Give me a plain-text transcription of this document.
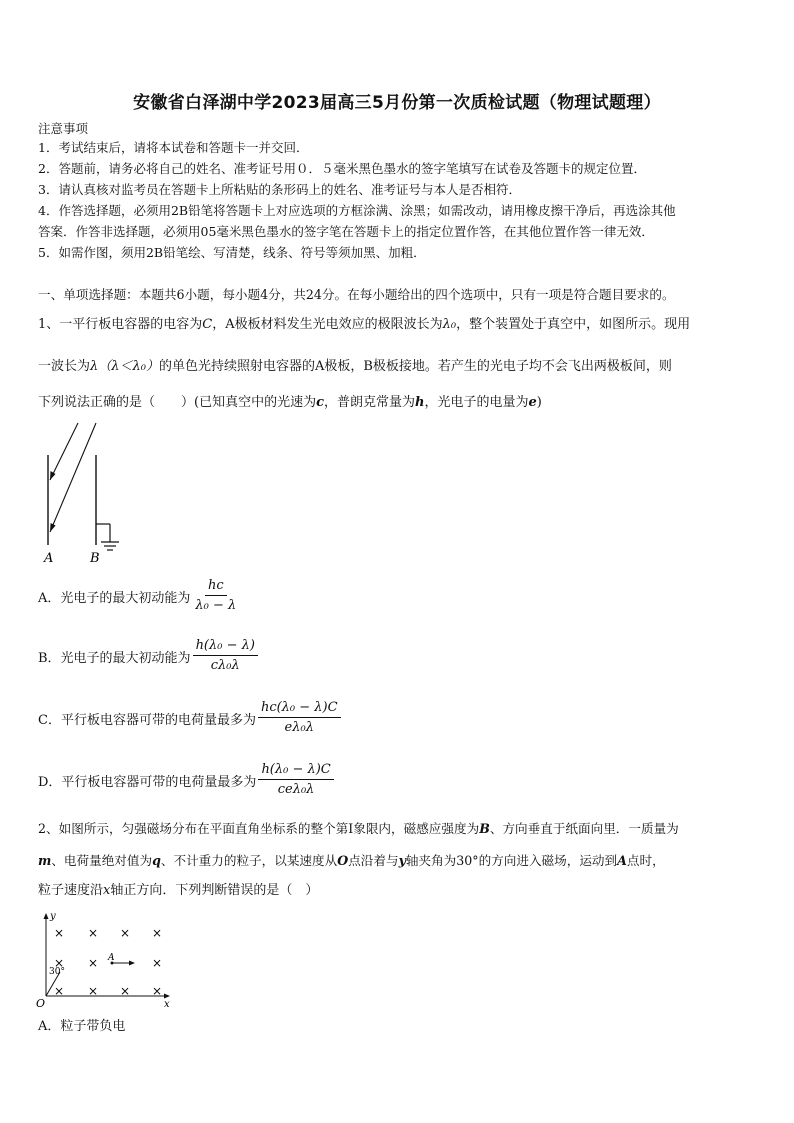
安徽省白泽湖中学2023届高三5月份第一次质检试题（物理试题理）
注意事项
1．考试结束后，请将本试卷和答题卡一并交回．
2．答题前，请务必将自己的姓名、准考证号用０．５毫米黑色墨水的签字笔填写在试卷及答题卡的规定位置．
3．请认真核对监考员在答题卡上所粘贴的条形码上的姓名、准考证号与本人是否相符．
4．作答选择题，必须用2B铅笔将答题卡上对应选项的方框涂满、涂黑；如需改动，请用橡皮擦干净后，再选涂其他
答案．作答非选择题，必须用05毫米黑色墨水的签字笔在答题卡上的指定位置作答，在其他位置作答一律无效．
5．如需作图，须用2B铅笔绘、写清楚，线条、符号等须加黑、加粗．
一、单项选择题：本题共6小题，每小题4分，共24分。在每小题给出的四个选项中，只有一项是符合题目要求的。
1、一平行板电容器的电容为C，A极板材料发生光电效应的极限波长为λ₀，整个装置处于真空中，如图所示。现用
一波长为λ（λ＜λ₀）的单色光持续照射电容器的A极板，B极板接地。若产生的光电子均不会飞出两极板间，则
下列说法正确的是（　　）(已知真空中的光速为c，普朗克常量为h，光电子的电量为e)
A	B
A．光电子的最大初动能为 $\frac{hc}{\text{λ₀ − λ}}$
B．光电子的最大初动能为 $\frac{\text{h(λ₀ − λ)}}{\text{cλ₀λ}}$
C．平行板电容器可带的电荷量最多为 $\frac{\text{hc(λ₀ − λ)C}}{\text{eλ₀λ}}$
D．平行板电容器可带的电荷量最多为 $\frac{\text{h(λ₀ − λ)C}}{\text{ceλ₀λ}}$
2、如图所示，匀强磁场分布在平面直角坐标系的整个第Ⅰ象限内，磁感应强度为B、方向垂直于纸面向里．一质量为
m、电荷量绝对值为q、不计重力的粒子，以某速度从O点沿着与y轴夹角为30°的方向进入磁场，运动到A点时，
粒子速度沿x轴正方向．下列判断错误的是（　）
y
x
O
30°
× × × ×
× ×	×
× × × ×
A
A．粒子带负电
